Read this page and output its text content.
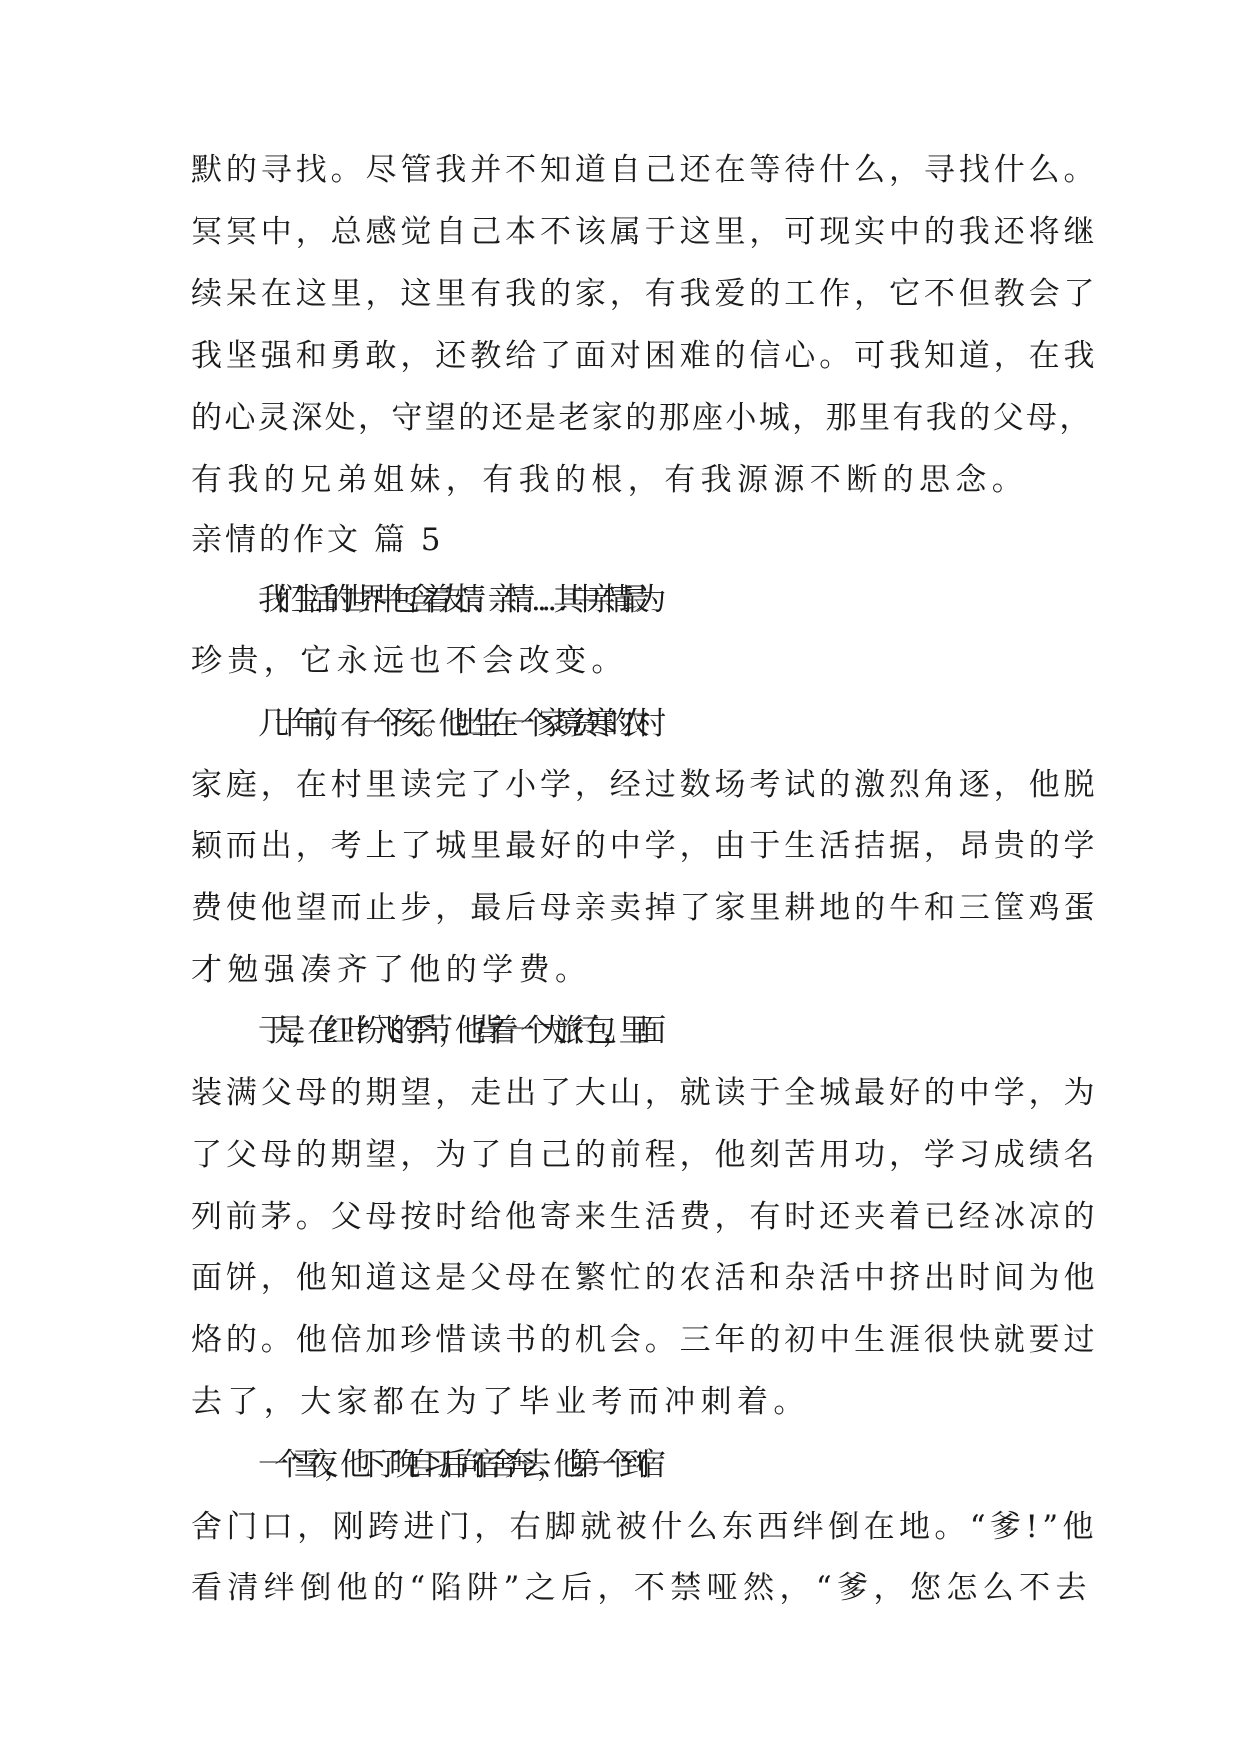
默的寻找。尽管我并不知道自己还在等待什么，寻找什么。
冥冥中，总感觉自己本不该属于这里，可现实中的我还将继
续呆在这里，这里有我的家，有我爱的工作，它不但教会了
我坚强和勇敢，还教给了面对困难的信心。可我知道，在我
的心灵深处，守望的还是老家的那座小城，那里有我的父母，
有我的兄弟姐妹，有我的根，有我源源不断的思念。
亲情的作文 篇 5
我们生活的世界中包含着友情、亲情……其中亲情最为
珍贵，它永远也不会改变。
几十年前，有一个孩子。他出生在一个家境贫寒的农村
家庭，在村里读完了小学，经过数场考试的激烈角逐，他脱
颖而出，考上了城里最好的中学，由于生活拮据，昂贵的学
费使他望而止步，最后母亲卖掉了家里耕地的牛和三筐鸡蛋
才勉强凑齐了他的学费。
于是，在红叶纷飞的季节，他背着一个大旅行包，里面
装满父母的期望，走出了大山，就读于全城最好的中学，为
了父母的期望，为了自己的前程，他刻苦用功，学习成绩名
列前茅。父母按时给他寄来生活费，有时还夹着已经冰凉的
面饼，他知道这是父母在繁忙的农活和杂活中挤出时间为他
烙的。他倍加珍惜读书的机会。三年的初中生涯很快就要过
去了，大家都在为了毕业考而冲刺着。
一个雪夜，他下了晚自习后向宿舍奔去，他第一个到宿
舍门口，刚跨进门，右脚就被什么东西绊倒在地。“爹!”他
看清绊倒他的“陷阱”之后，不禁哑然，“爹，您怎么不去
